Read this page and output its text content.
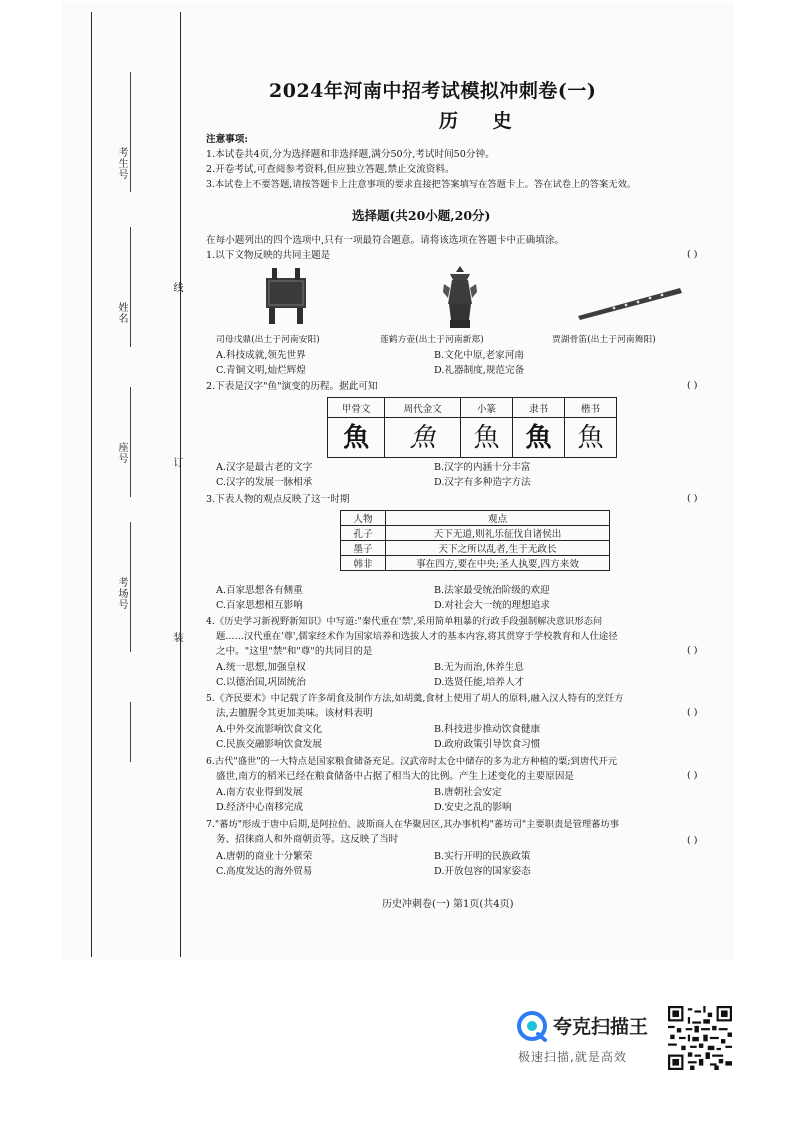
考生号
姓名
座号
考场号
线
订
装
2024年河南中招考试模拟冲刺卷(一)
历 史
注意事项:
1.本试卷共4页,分为选择题和非选择题,满分50分,考试时间50分钟。
2.开卷考试,可查阅参考资料,但应独立答题,禁止交流资料。
3.本试卷上不要答题,请按答题卡上注意事项的要求直接把答案填写在答题卡上。答在试卷上的答案无效。
选择题(共20小题,20分)
在每小题列出的四个选项中,只有一项最符合题意。请将该选项在答题卡中正确填涂。
1.以下文物反映的共同主题是	( )
司母戊鼎(出土于河南安阳)	莲鹤方壶(出土于河南新郑)	贾湖骨笛(出土于河南舞阳)
A.科技成就,领先世界	B.文化中原,老家河南
C.青铜文明,灿烂辉煌	D.礼器制度,规范完备
2.下表是汉字"鱼"演变的历程。据此可知	( )
甲骨文	周代金文	小篆	隶书	楷书
魚	魚	魚	魚	魚
A.汉字是最古老的文字	B.汉字的内涵十分丰富
C.汉字的发展一脉相承	D.汉字有多种造字方法
3.下表人物的观点反映了这一时期	( )
人物	观点
孔子	天下无道,则礼乐征伐自诸侯出
墨子	天下之所以乱者,生于无政长
韩非	事在四方,要在中央;圣人执要,四方来效
A.百家思想各有侧重	B.法家最受统治阶级的欢迎
C.百家思想相互影响	D.对社会大一统的理想追求
4.《历史学习新视野新知识》中写道:"秦代重在'禁',采用简单粗暴的行政手段强制解决意识形态问
题……汉代重在'尊',儒家经术作为国家培养和选拔人才的基本内容,将其贯穿于学校教育和人仕途径
之中。"这里"禁"和"尊"的共同目的是	( )
A.统一思想,加强皇权	B.无为而治,休养生息
C.以德治国,巩固统治	D.选贤任能,培养人才
5.《齐民要术》中记载了许多胡食及制作方法,如胡羹,食材上使用了胡人的原料,融入汉人特有的烹饪方
法,去膻腥令其更加美味。该材料表明	( )
A.中外交流影响饮食文化	B.科技进步推动饮食健康
C.民族交融影响饮食发展	D.政府政策引导饮食习惯
6.古代"盛世"的一大特点是国家粮食储备充足。汉武帝时太仓中储存的多为北方种植的粟;到唐代开元
盛世,南方的稻米已经在粮食储备中占据了相当大的比例。产生上述变化的主要原因是	( )
A.南方农业得到发展	B.唐朝社会安定
D.经济中心南移完成	D.安史之乱的影响
7."蕃坊"形成于唐中后期,是阿拉伯、波斯商人在华聚居区,其办事机构"蕃坊司"主要职责是管理蕃坊事
务、招徕商人和外商朝贡等。这反映了当时	( )
A.唐朝的商业十分繁荣	B.实行开明的民族政策
C.高度发达的海外贸易	D.开放包容的国家姿态
历史冲刺卷(一) 第1页(共4页)
夸克扫描王
极速扫描,就是高效
